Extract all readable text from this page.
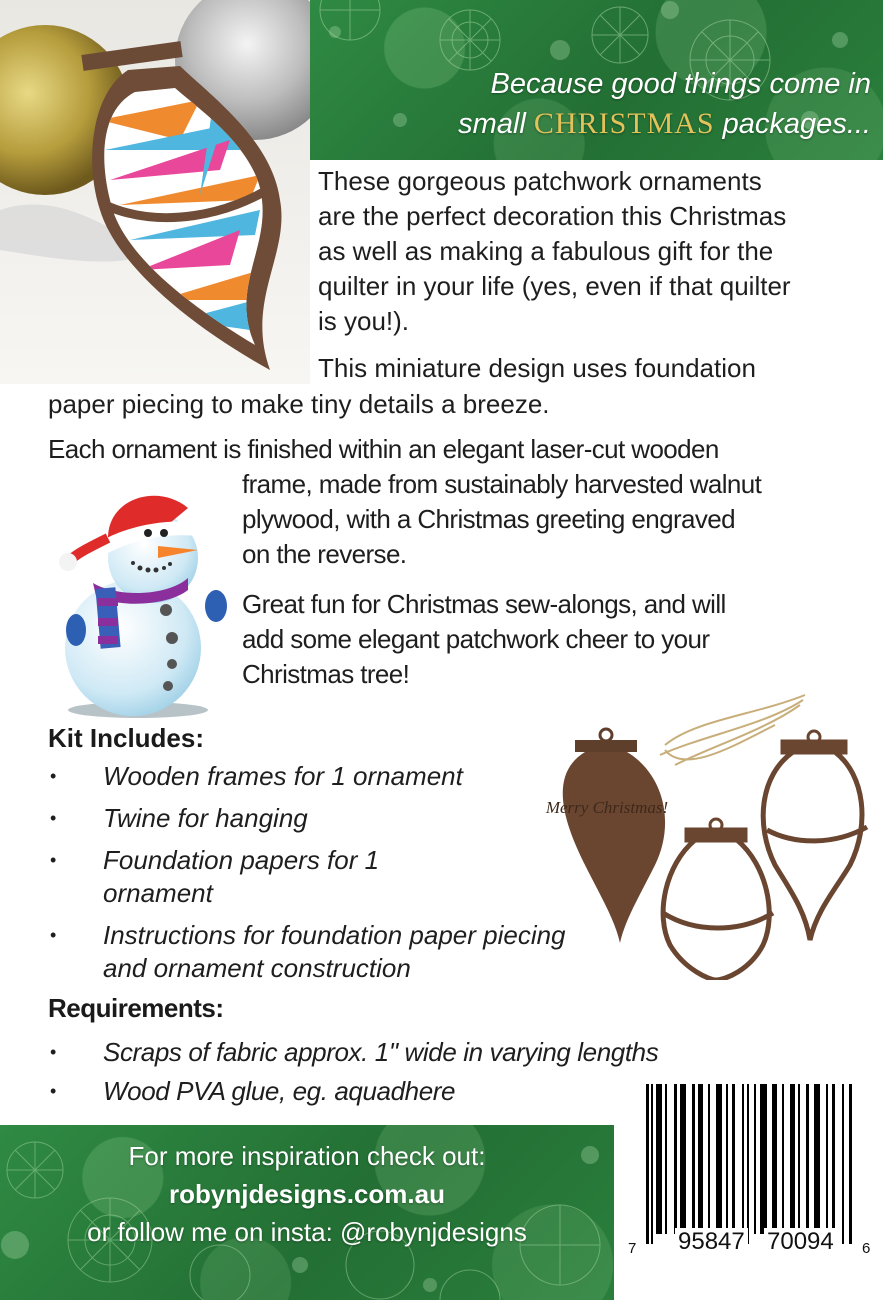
Because good things come in
small CHRISTMAS packages...
These gorgeous patchwork ornaments
are the perfect decoration this Christmas
as well as making a fabulous gift for the
quilter in your life (yes, even if that quilter
is you!).
This miniature design uses foundation
paper piecing to make tiny details a breeze.
Each ornament is finished within an elegant laser-cut wooden
frame, made from sustainably harvested walnut
plywood, with a Christmas greeting engraved
on the reverse.
Great fun for Christmas sew-alongs, and will
add some elegant patchwork cheer to your
Christmas tree!
Kit Includes:
• Wooden frames for 1 ornament
• Twine for hanging
• Foundation papers for 1 ornament
• Instructions for foundation paper piecing and ornament construction
Merry Christmas!
Requirements:
• Scraps of fabric approx. 1" wide in varying lengths
• Wood PVA glue, eg. aquadhere
For more inspiration check out:
robynjdesigns.com.au
or follow me on insta: @robynjdesigns
7 95847 70094 6
